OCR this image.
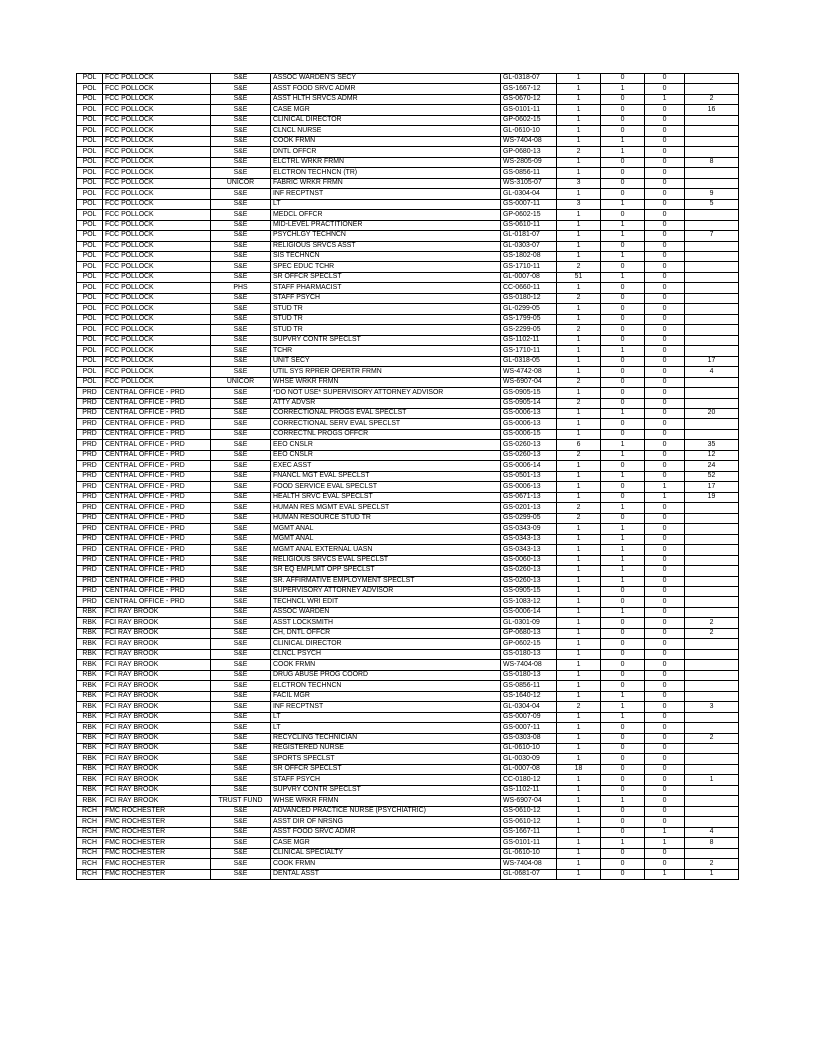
POL	FCC POLLOCK	S&E	ASSOC WARDEN'S SECY	GL-0318-07	1	0	0	
POL	FCC POLLOCK	S&E	ASST FOOD SRVC ADMR	GS-1667-12	1	1	0	
POL	FCC POLLOCK	S&E	ASST HLTH SRVCS ADMR	GS-0670-12	1	0	1	2
POL	FCC POLLOCK	S&E	CASE MGR	GS-0101-11	1	0	0	16
POL	FCC POLLOCK	S&E	CLINICAL DIRECTOR	GP-0602-15	1	0	0	
POL	FCC POLLOCK	S&E	CLNCL NURSE	GL-0610-10	1	0	0	
POL	FCC POLLOCK	S&E	COOK FRMN	WS-7404-08	1	1	0	
POL	FCC POLLOCK	S&E	DNTL OFFCR	GP-0680-13	2	1	0	
POL	FCC POLLOCK	S&E	ELCTRL WRKR FRMN	WS-2805-09	1	0	0	8
POL	FCC POLLOCK	S&E	ELCTRON TECHNCN (TR)	GS-0856-11	1	0	0	
POL	FCC POLLOCK	UNICOR	FABRIC WRKR FRMN	WS-3105-07	3	0	0	
POL	FCC POLLOCK	S&E	INF RECPTNST	GL-0304-04	1	0	0	9
POL	FCC POLLOCK	S&E	LT	GS-0007-11	3	1	0	5
POL	FCC POLLOCK	S&E	MEDCL OFFCR	GP-0602-15	1	0	0	
POL	FCC POLLOCK	S&E	MID-LEVEL PRACTITIONER	GS-0610-11	1	1	0	
POL	FCC POLLOCK	S&E	PSYCHLGY TECHNCN	GL-0181-07	1	1	0	7
POL	FCC POLLOCK	S&E	RELIGIOUS SRVCS ASST	GL-0303-07	1	0	0	
POL	FCC POLLOCK	S&E	SIS TECHNCN	GS-1802-08	1	1	0	
POL	FCC POLLOCK	S&E	SPEC EDUC TCHR	GS-1710-11	2	0	0	
POL	FCC POLLOCK	S&E	SR OFFCR SPECLST	GL-0007-08	51	1	0	
POL	FCC POLLOCK	PHS	STAFF PHARMACIST	CC-0660-11	1	0	0	
POL	FCC POLLOCK	S&E	STAFF PSYCH	GS-0180-12	2	0	0	
POL	FCC POLLOCK	S&E	STUD TR	GL-0299-05	1	0	0	
POL	FCC POLLOCK	S&E	STUD TR	GS-1799-05	1	0	0	
POL	FCC POLLOCK	S&E	STUD TR	GS-2299-05	2	0	0	
POL	FCC POLLOCK	S&E	SUPVRY CONTR SPECLST	GS-1102-11	1	0	0	
POL	FCC POLLOCK	S&E	TCHR	GS-1710-11	1	1	0	
POL	FCC POLLOCK	S&E	UNIT SECY	GL-0318-05	1	0	0	17
POL	FCC POLLOCK	S&E	UTIL SYS RPRER OPERTR FRMN	WS-4742-08	1	0	0	4
POL	FCC POLLOCK	UNICOR	WHSE WRKR FRMN	WS-6907-04	2	0	0	
PRD	CENTRAL OFFICE - PRD	S&E	*DO NOT USE* SUPERVISORY ATTORNEY ADVISOR	GS-0905-15	1	0	0	
PRD	CENTRAL OFFICE - PRD	S&E	ATTY ADVSR	GS-0905-14	2	0	0	
PRD	CENTRAL OFFICE - PRD	S&E	CORRECTIONAL PROGS EVAL SPECLST	GS-0006-13	1	1	0	20
PRD	CENTRAL OFFICE - PRD	S&E	CORRECTIONAL SERV EVAL SPECLST	GS-0006-13	1	0	0	
PRD	CENTRAL OFFICE - PRD	S&E	CORRECTNL PROGS OFFCR	GS-0006-15	1	0	0	
PRD	CENTRAL OFFICE - PRD	S&E	EEO CNSLR	GS-0260-13	6	1	0	35
PRD	CENTRAL OFFICE - PRD	S&E	EEO CNSLR	GS-0260-13	2	1	0	12
PRD	CENTRAL OFFICE - PRD	S&E	EXEC ASST	GS-0006-14	1	0	0	24
PRD	CENTRAL OFFICE - PRD	S&E	FNANCL MGT EVAL SPECLST	GS-0501-13	1	1	0	52
PRD	CENTRAL OFFICE - PRD	S&E	FOOD SERVICE EVAL SPECLST	GS-0006-13	1	0	1	17
PRD	CENTRAL OFFICE - PRD	S&E	HEALTH SRVC EVAL SPECLST	GS-0671-13	1	0	1	19
PRD	CENTRAL OFFICE - PRD	S&E	HUMAN RES MGMT EVAL SPECLST	GS-0201-13	2	1	0	
PRD	CENTRAL OFFICE - PRD	S&E	HUMAN RESOURCE STUD TR	GS-0299-05	2	0	0	
PRD	CENTRAL OFFICE - PRD	S&E	MGMT ANAL	GS-0343-09	1	1	0	
PRD	CENTRAL OFFICE - PRD	S&E	MGMT ANAL	GS-0343-13	1	1	0	
PRD	CENTRAL OFFICE - PRD	S&E	MGMT ANAL EXTERNAL UASN	GS-0343-13	1	1	0	
PRD	CENTRAL OFFICE - PRD	S&E	RELIGIOUS SRVCS EVAL SPECLST	GS-0060-13	1	1	0	
PRD	CENTRAL OFFICE - PRD	S&E	SR EQ EMPLMT OPP SPECLST	GS-0260-13	1	1	0	
PRD	CENTRAL OFFICE - PRD	S&E	SR. AFFIRMATIVE EMPLOYMENT SPECLST	GS-0260-13	1	1	0	
PRD	CENTRAL OFFICE - PRD	S&E	SUPERVISORY ATTORNEY ADVISOR	GS-0905-15	1	0	0	
PRD	CENTRAL OFFICE - PRD	S&E	TECHNCL WRI EDIT	GS-1083-12	1	0	0	
RBK	FCI RAY BROOK	S&E	ASSOC WARDEN	GS-0006-14	1	1	0	
RBK	FCI RAY BROOK	S&E	ASST LOCKSMITH	GL-0301-09	1	0	0	2
RBK	FCI RAY BROOK	S&E	CH, DNTL OFFCR	GP-0680-13	1	0	0	2
RBK	FCI RAY BROOK	S&E	CLINICAL DIRECTOR	GP-0602-15	1	0	0	
RBK	FCI RAY BROOK	S&E	CLNCL PSYCH	GS-0180-13	1	0	0	
RBK	FCI RAY BROOK	S&E	COOK FRMN	WS-7404-08	1	0	0	
RBK	FCI RAY BROOK	S&E	DRUG ABUSE PROG COORD	GS-0180-13	1	0	0	
RBK	FCI RAY BROOK	S&E	ELCTRON TECHNCN	GS-0856-11	1	0	0	
RBK	FCI RAY BROOK	S&E	FACIL MGR	GS-1640-12	1	1	0	
RBK	FCI RAY BROOK	S&E	INF RECPTNST	GL-0304-04	2	1	0	3
RBK	FCI RAY BROOK	S&E	LT	GS-0007-09	1	1	0	
RBK	FCI RAY BROOK	S&E	LT	GS-0007-11	1	0	0	
RBK	FCI RAY BROOK	S&E	RECYCLING TECHNICIAN	GS-0303-08	1	0	0	2
RBK	FCI RAY BROOK	S&E	REGISTERED NURSE	GL-0610-10	1	0	0	
RBK	FCI RAY BROOK	S&E	SPORTS SPECLST	GL-0030-09	1	0	0	
RBK	FCI RAY BROOK	S&E	SR OFFCR SPECLST	GL-0007-08	18	0	0	
RBK	FCI RAY BROOK	S&E	STAFF PSYCH	CC-0180-12	1	0	0	1
RBK	FCI RAY BROOK	S&E	SUPVRY CONTR SPECLST	GS-1102-11	1	0	0	
RBK	FCI RAY BROOK	TRUST FUND	WHSE WRKR FRMN	WS-6907-04	1	1	0	
RCH	FMC ROCHESTER	S&E	ADVANCED PRACTICE NURSE (PSYCHIATRIC)	GS-0610-12	1	0	0	
RCH	FMC ROCHESTER	S&E	ASST DIR OF NRSNG	GS-0610-12	1	0	0	
RCH	FMC ROCHESTER	S&E	ASST FOOD SRVC ADMR	GS-1667-11	1	0	1	4
RCH	FMC ROCHESTER	S&E	CASE MGR	GS-0101-11	1	1	1	8
RCH	FMC ROCHESTER	S&E	CLINICAL SPECIALTY	GL-0610-10	1	0	0	
RCH	FMC ROCHESTER	S&E	COOK FRMN	WS-7404-08	1	0	0	2
RCH	FMC ROCHESTER	S&E	DENTAL ASST	GL-0681-07	1	0	1	1
